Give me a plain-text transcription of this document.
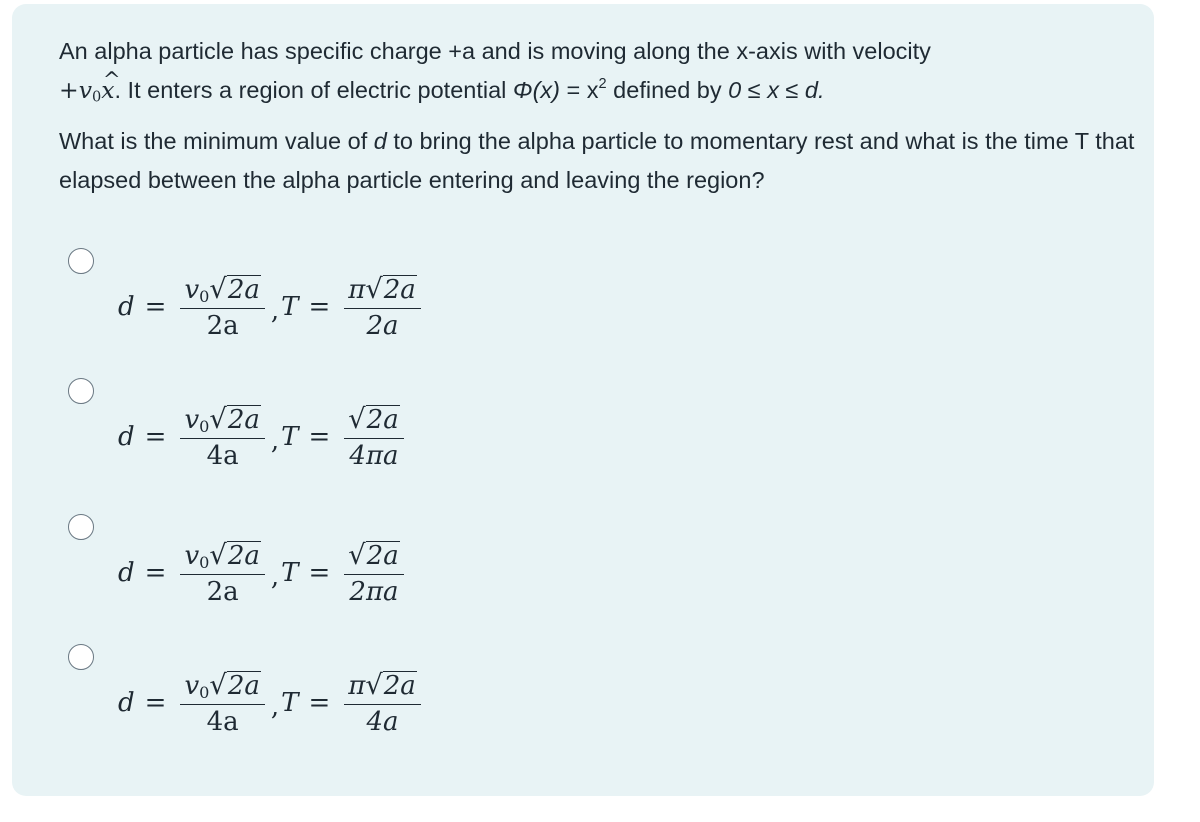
An alpha particle has specific charge +a and is moving along the x-axis with velocity
$+v_0\^{}$ x. It enters a region of electric potential $\Phi(x) = x^2$ defined by 0 ≤ x ≤ d.

What is the minimum value of d to bring the alpha particle to momentary rest and what is the time T that elapsed between the alpha particle entering and leaving the region?

$d = \frac{v0 √ 2a}{2a}$ , $T = \frac{\pi √ 2a}{2a}$
$d = \frac{v0 √ 2a}{4a}$ , $T = \frac{√ 2a}{4\pi a}$
$d = \frac{v0 √ 2a}{2a}$ , $T = \frac{√ 2a}{2\pi a}$
$d = \frac{v0 √ 2a}{4a}$ , $T = \frac{\pi √ 2a}{4a}$
